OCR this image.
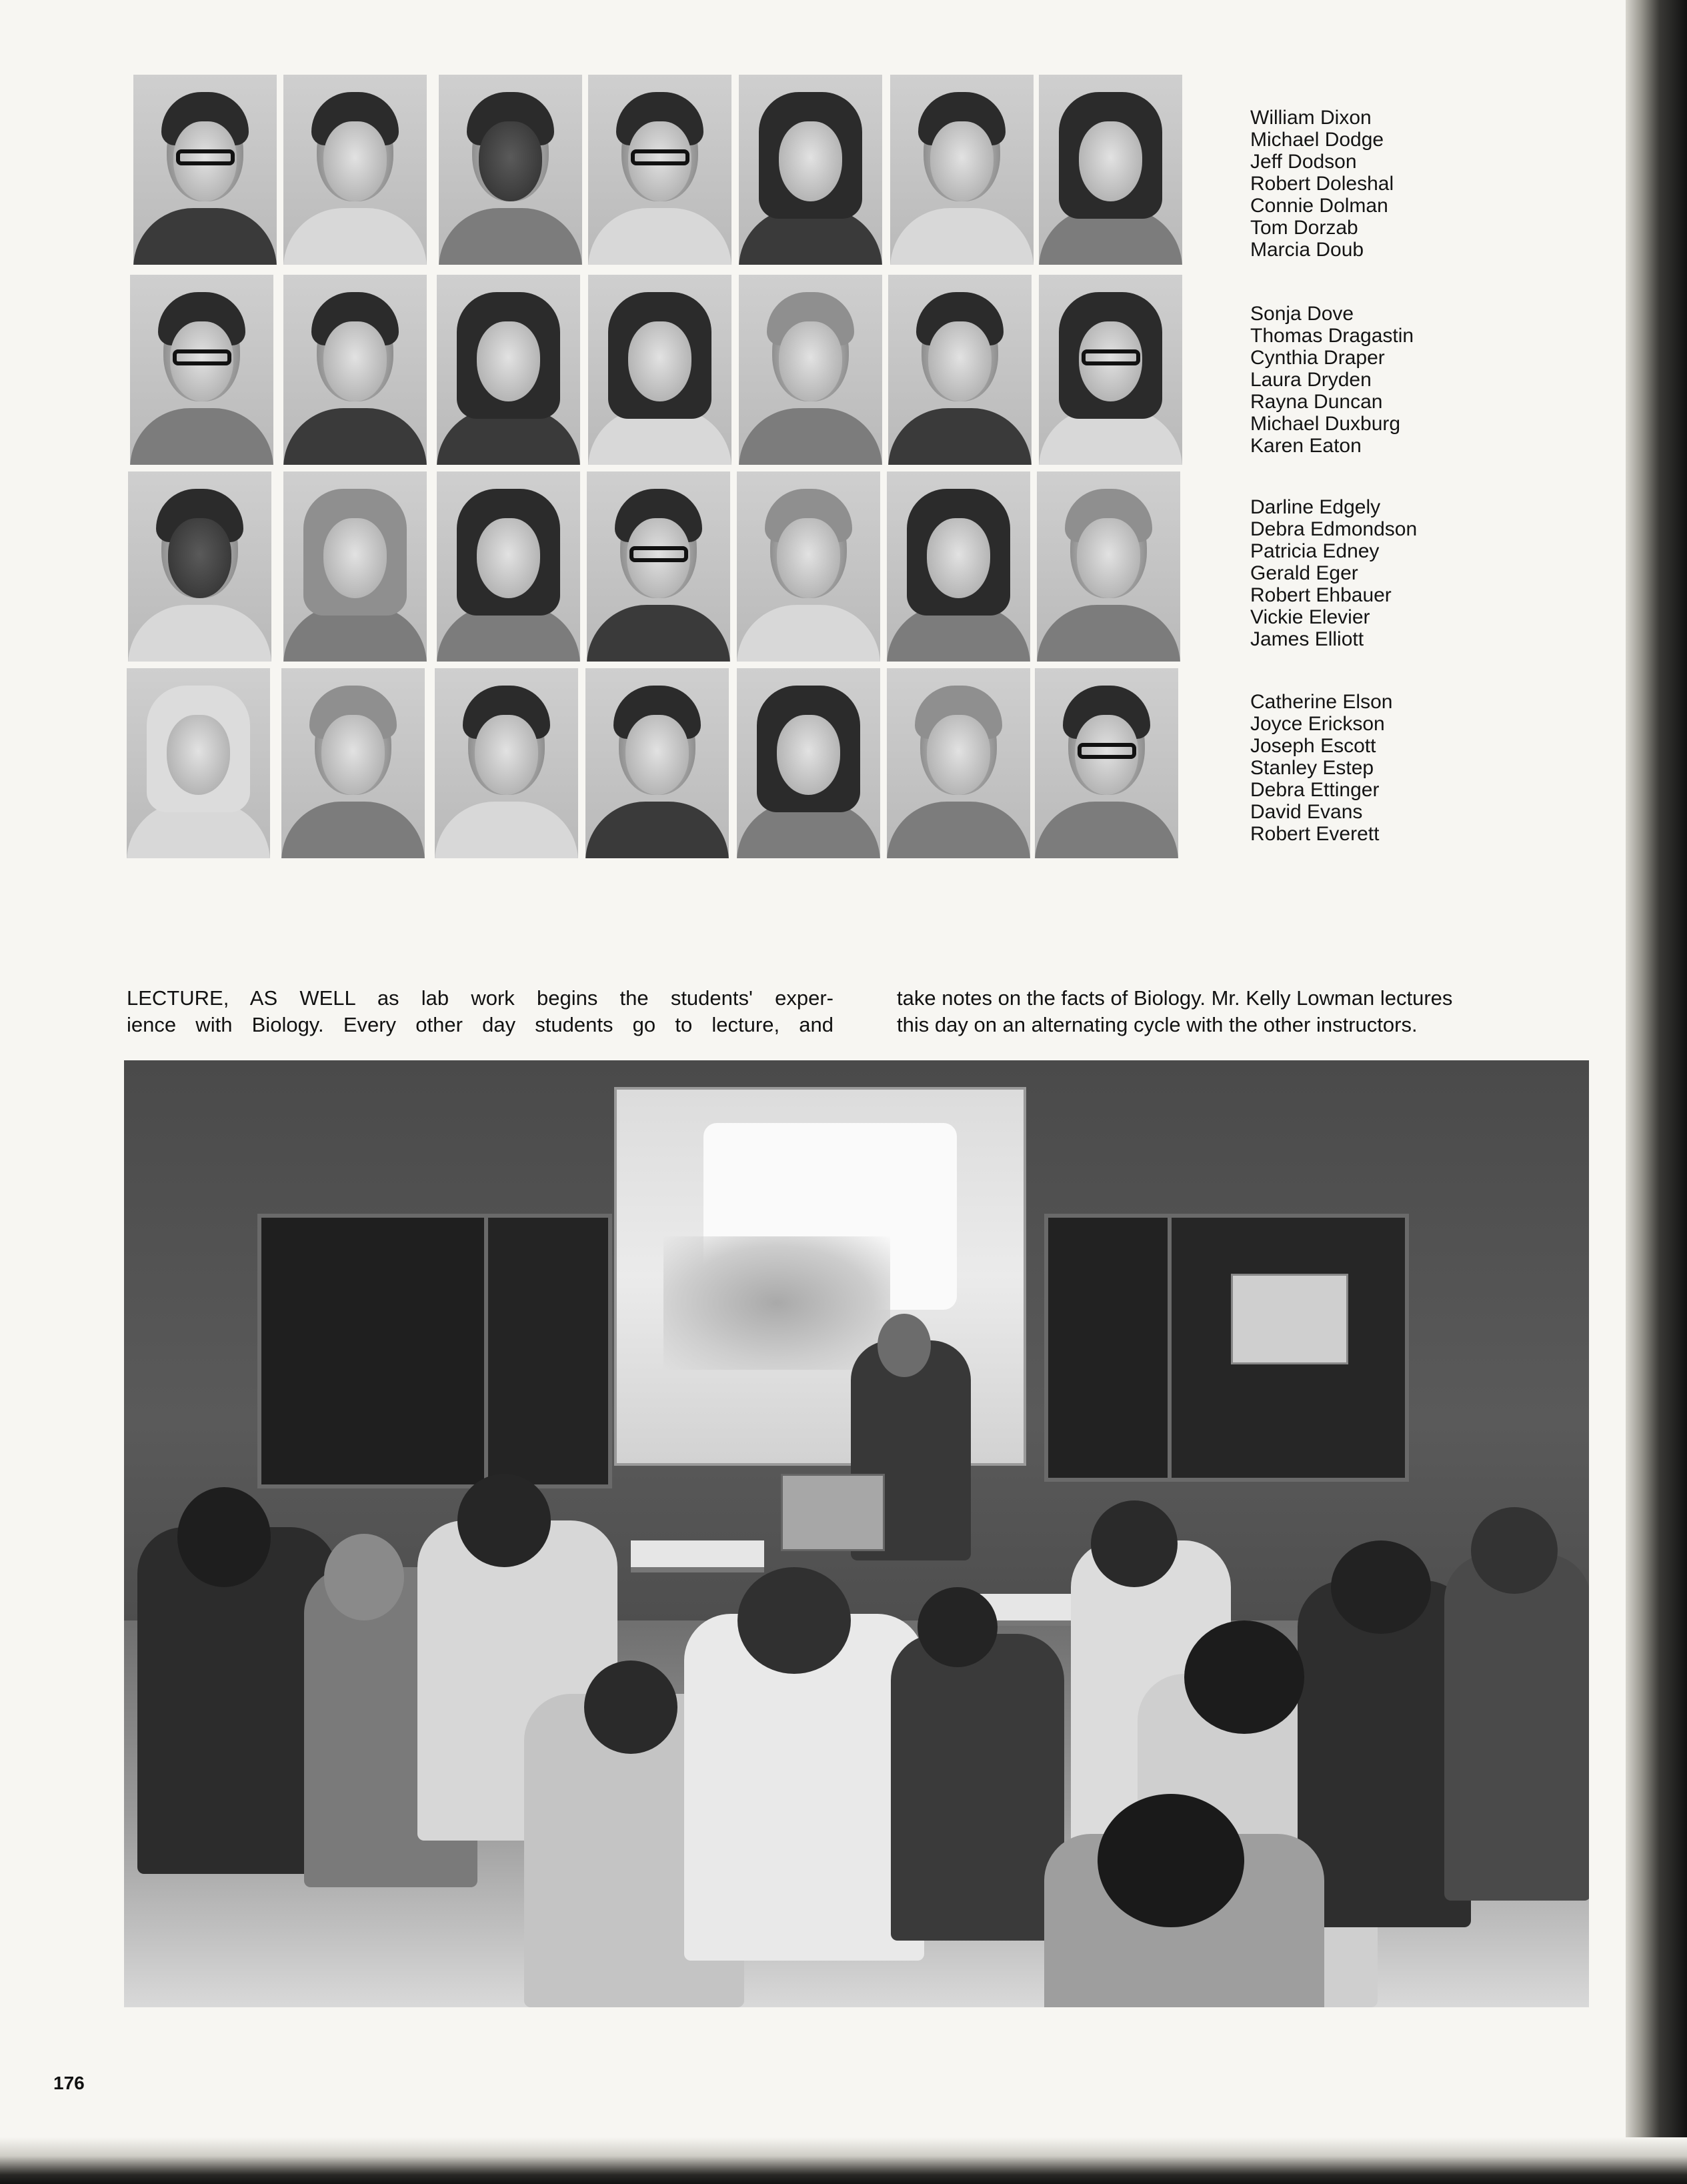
William Dixon
Michael Dodge
Jeff Dodson
Robert Doleshal
Connie Dolman
Tom Dorzab
Marcia Doub
Sonja Dove
Thomas Dragastin
Cynthia Draper
Laura Dryden
Rayna Duncan
Michael Duxburg
Karen Eaton
Darline Edgely
Debra Edmondson
Patricia Edney
Gerald Eger
Robert Ehbauer
Vickie Elevier
James Elliott
Catherine Elson
Joyce Erickson
Joseph Escott
Stanley Estep
Debra Ettinger
David Evans
Robert Everett
LECTURE, AS WELL as lab work begins the students' exper-
ience with Biology. Every other day students go to lecture, and
take notes on the facts of Biology. Mr. Kelly Lowman lectures
this day on an alternating cycle with the other instructors.
176
